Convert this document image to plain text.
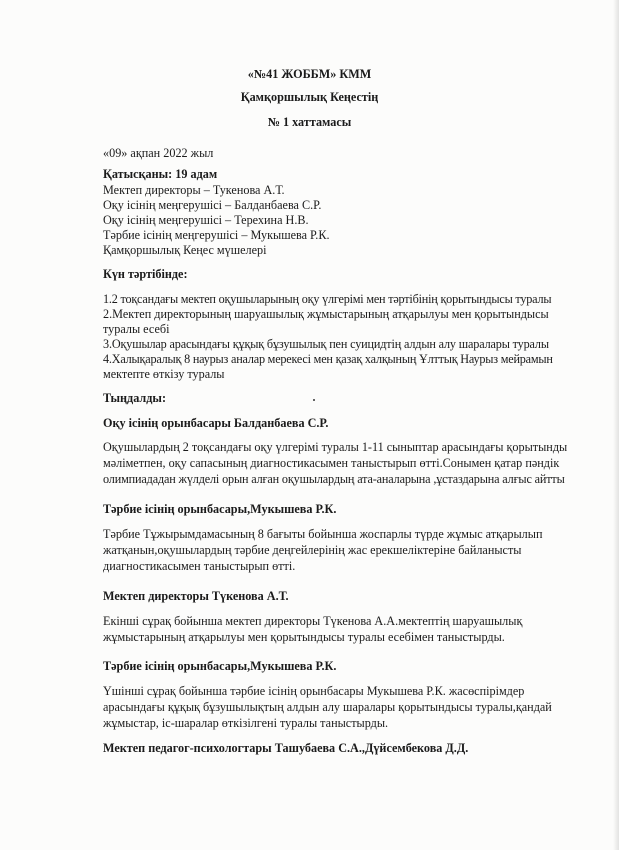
«№41 ЖОББМ» КММ
Қамқоршылық Кеңестің
№ 1 хаттамасы
«09» ақпан 2022 жыл
Қатысқаны: 19 адам
Мектеп директоры – Тукенова А.Т.
Оқу ісінің меңгерушісі – Балданбаева С.Р.
Оқу ісінің меңгерушісі – Терехина Н.В.
Тәрбие ісінің меңгерушісі – Мукышева Р.К.
Қамқоршылық Кеңес мүшелері
Күн тәртібінде:
1.2 тоқсандағы мектеп оқушыларының оқу үлгерімі мен тәртібінің қорытындысы туралы
2.Мектеп директорының шаруашылық жұмыстарының атқарылуы мен қорытындысы
туралы есебі
3.Оқушылар арасындағы құқық бұзушылық пен суицидтің алдын алу шаралары туралы
4.Халықаралық 8 наурыз аналар мерекесі мен қазақ халқының Ұлттық Наурыз мейрамын
мектепте өткізу туралы
Тыңдалды:
Оқу ісінің орынбасары Балданбаева С.Р.
Оқушылардың 2 тоқсандағы оқу үлгерімі туралы 1-11 сыныптар арасындағы қорытынды
мәліметпен, оқу сапасының диагностикасымен таныстырып өтті.Сонымен қатар пәндік
олимпиададан жүлделі орын алған оқушылардың ата-аналарына ,ұстаздарына алғыс айтты
Тәрбие ісінің орынбасары,Мукышева Р.К.
Тәрбие Тұжырымдамасының 8 бағыты бойынша жоспарлы түрде жұмыс атқарылып
жатқанын,оқушылардың тәрбие деңгейлерінің жас ерекшеліктеріне байланысты
диагностикасымен таныстырып өтті.
Мектеп директоры Түкенова А.Т.
Екінші сұрақ бойынша мектеп директоры Түкенова А.А.мектептің шаруашылық
жұмыстарының атқарылуы мен қорытындысы туралы есебімен таныстырды.
Тәрбие ісінің орынбасары,Мукышева Р.К.
Үшінші сұрақ бойынша тәрбие ісінің орынбасары Мукышева Р.К. жасөспірімдер
арасындағы құқық бұзушылықтың алдын алу шаралары қорытындысы туралы,қандай
жұмыстар, іс-шаралар өткізілгені туралы таныстырды.
Мектеп педагог-психологтары Ташубаева С.А.,Дүйсембекова Д.Д.
